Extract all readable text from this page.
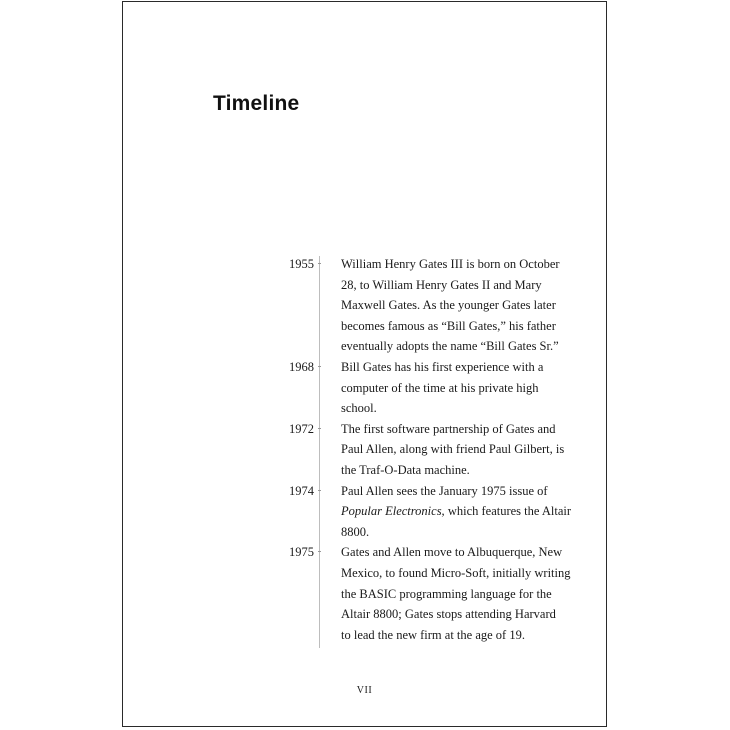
Timeline
1955	William Henry Gates III is born on October
28, to William Henry Gates II and Mary
Maxwell Gates. As the younger Gates later
becomes famous as “Bill Gates,” his father
eventually adopts the name “Bill Gates Sr.”
1968	Bill Gates has his first experience with a
computer of the time at his private high
school.
1972	The first software partnership of Gates and
Paul Allen, along with friend Paul Gilbert, is
the Traf-O-Data machine.
1974	Paul Allen sees the January 1975 issue of
Popular Electronics, which features the Altair
8800.
1975	Gates and Allen move to Albuquerque, New
Mexico, to found Micro-Soft, initially writing
the BASIC programming language for the
Altair 8800; Gates stops attending Harvard
to lead the new firm at the age of 19.
VII
